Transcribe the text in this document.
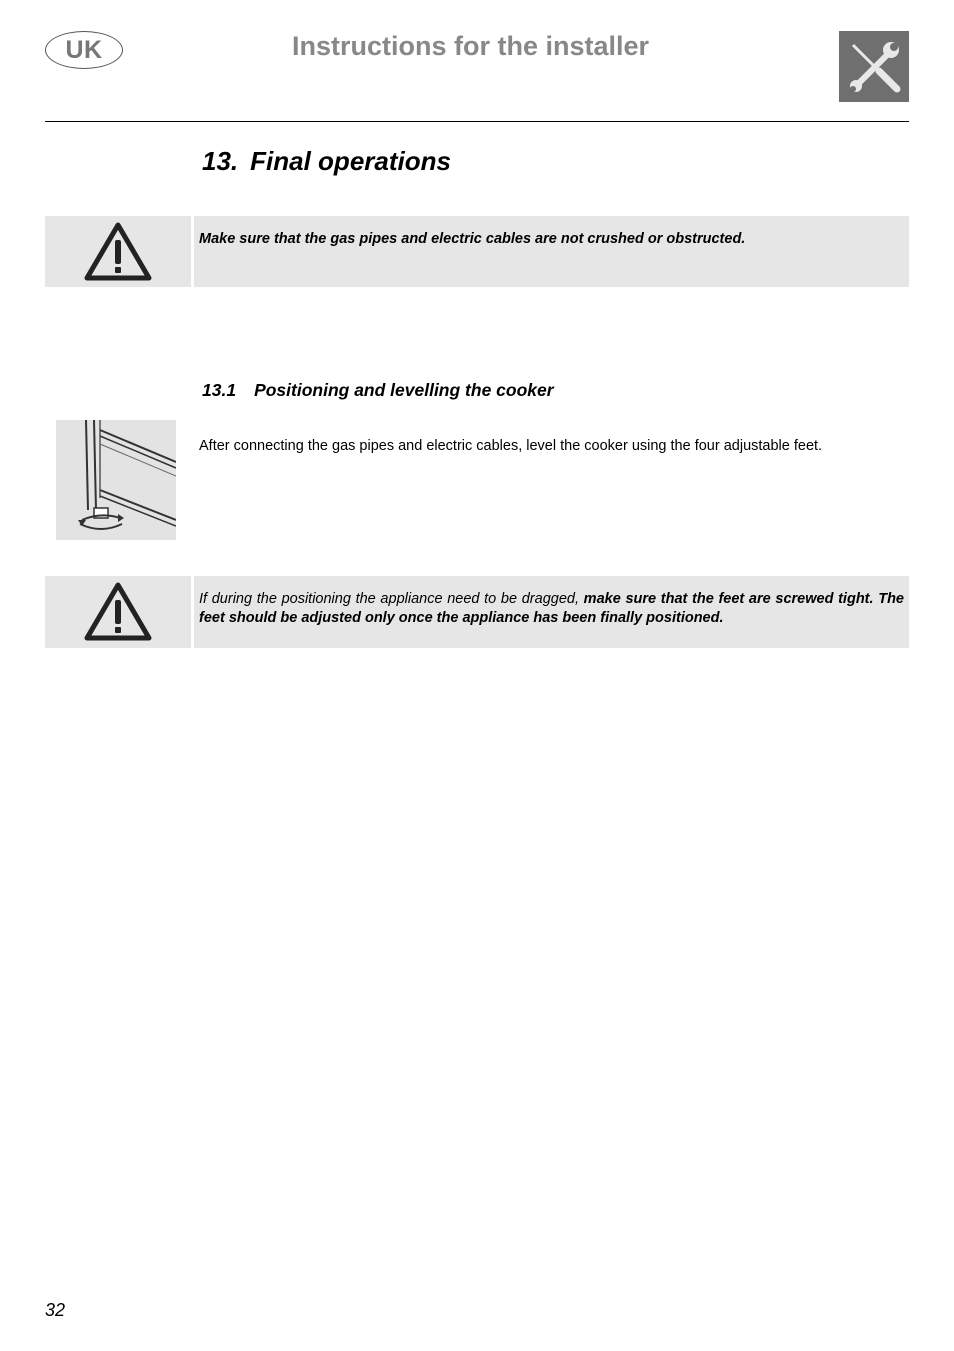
UK	Instructions for the installer
13. Final operations
Make sure that the gas pipes and electric cables are not crushed or obstructed.
13.1 Positioning and levelling the cooker
After connecting the gas pipes and electric cables, level the cooker using the four adjustable feet.
If during the positioning the appliance need to be dragged, make sure that the feet are screwed tight. The feet should be adjusted only once the appliance has been finally positioned.
32
